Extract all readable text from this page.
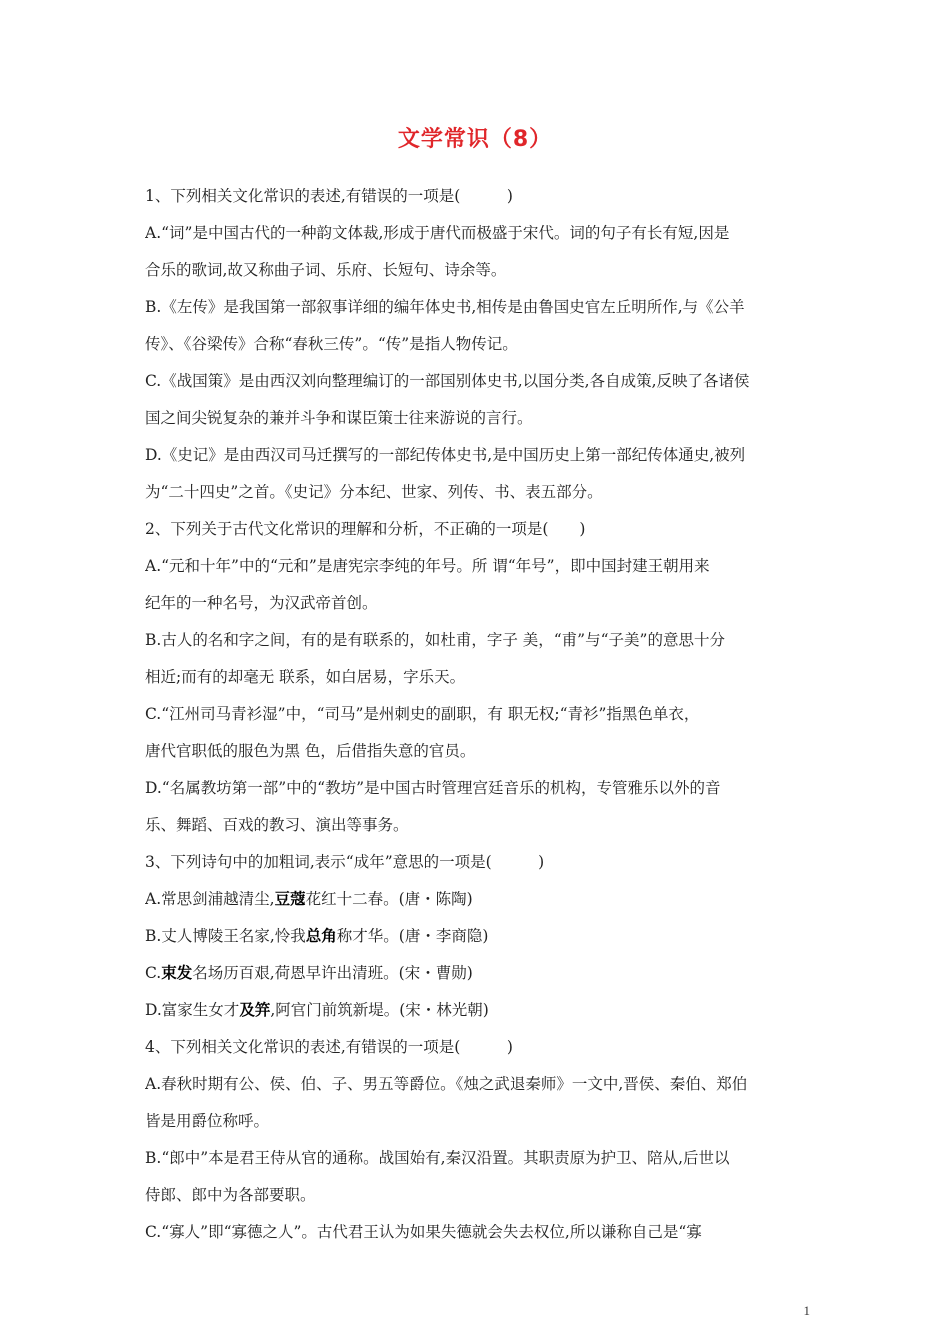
文学常识（8）
1、下列相关文化常识的表述,有错误的一项是(　　　)
A.“词”是中国古代的一种韵文体裁,形成于唐代而极盛于宋代。词的句子有长有短,因是
合乐的歌词,故又称曲子词、乐府、长短句、诗余等。
B.《左传》是我国第一部叙事详细的编年体史书,相传是由鲁国史官左丘明所作,与《公羊
传》、《谷梁传》合称“春秋三传”。“传”是指人物传记。
C.《战国策》是由西汉刘向整理编订的一部国别体史书,以国分类,各自成策,反映了各诸侯
国之间尖锐复杂的兼并斗争和谋臣策士往来游说的言行。
D.《史记》是由西汉司马迁撰写的一部纪传体史书,是中国历史上第一部纪传体通史,被列
为“二十四史”之首。《史记》分本纪、世家、列传、书、表五部分。
2、下列关于古代文化常识的理解和分析，不正确的一项是(　　)
A.“元和十年”中的“元和”是唐宪宗李纯的年号。所 谓“年号”，即中国封建王朝用来
纪年的一种名号，为汉武帝首创。
B.古人的名和字之间，有的是有联系的，如杜甫，字子 美，“甫”与“子美”的意思十分
相近;而有的却毫无 联系，如白居易，字乐天。
C.“江州司马青衫湿”中，“司马”是州刺史的副职，有 职无权;“青衫”指黑色单衣，
唐代官职低的服色为黑 色，后借指失意的官员。
D.“名属教坊第一部”中的“教坊”是中国古时管理宫廷音乐的机构，专管雅乐以外的音
乐、舞蹈、百戏的教习、演出等事务。
3、下列诗句中的加粗词,表示“成年”意思的一项是(　　　)
A.常思剑浦越清尘,豆蔻花红十二春。(唐・陈陶)
B.丈人博陵王名家,怜我总角称才华。(唐・李商隐)
C.束发名场历百艰,荷恩早许出清班。(宋・曹勋)
D.富家生女才及笄,阿官门前筑新堤。(宋・林光朝)
4、下列相关文化常识的表述,有错误的一项是(　　　)
A.春秋时期有公、侯、伯、子、男五等爵位。《烛之武退秦师》一文中,晋侯、秦伯、郑伯
皆是用爵位称呼。
B.“郎中”本是君王侍从官的通称。战国始有,秦汉沿置。其职责原为护卫、陪从,后世以
侍郎、郎中为各部要职。
C.“寡人”即“寡德之人”。古代君王认为如果失德就会失去权位,所以谦称自己是“寡
1
